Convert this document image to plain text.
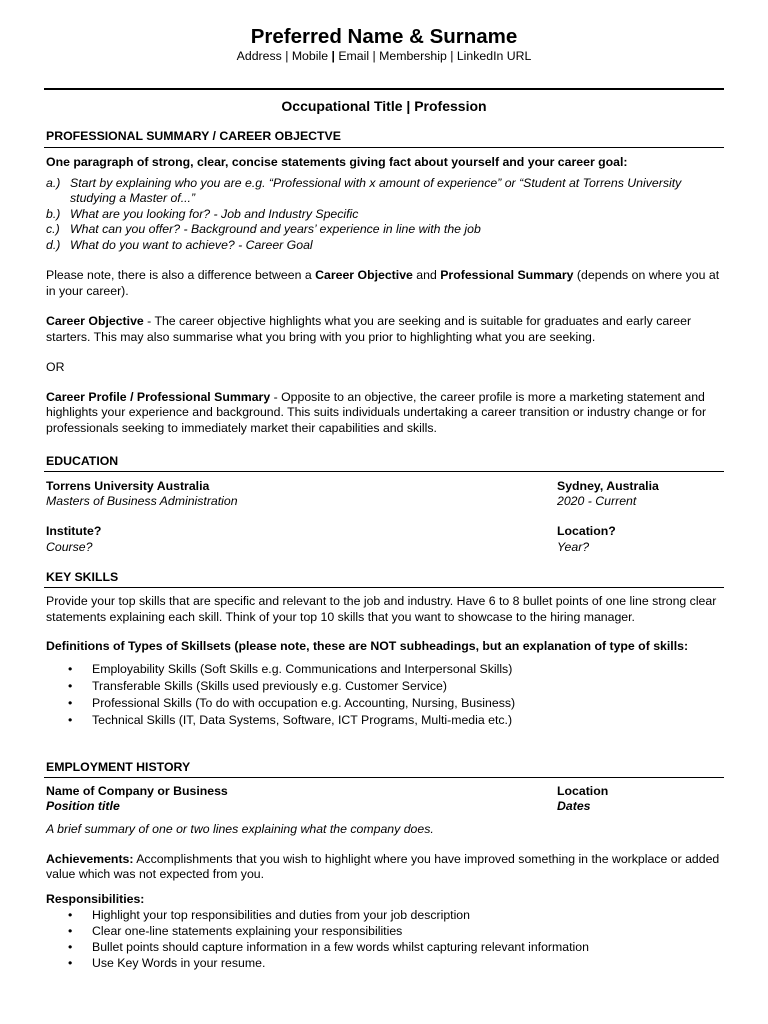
Preferred Name & Surname
Address | Mobile | Email | Membership | LinkedIn URL
Occupational Title | Profession
PROFESSIONAL SUMMARY / CAREER OBJECTVE

One paragraph of strong, clear, concise statements giving fact about yourself and your career goal:

a.) Start by explaining who you are e.g. “Professional with x amount of experience” or “Student at Torrens University studying a Master of...”
b.) What are you looking for? - Job and Industry Specific
c.) What can you offer? - Background and years’ experience in line with the job
d.) What do you want to achieve? - Career Goal

Please note, there is also a difference between a Career Objective and Professional Summary (depends on where you at in your career).

Career Objective - The career objective highlights what you are seeking and is suitable for graduates and early career starters. This may also summarise what you bring with you prior to highlighting what you are seeking.

OR

Career Profile / Professional Summary - Opposite to an objective, the career profile is more a marketing statement and highlights your experience and background. This suits individuals undertaking a career transition or industry change or for professionals seeking to immediately market their capabilities and skills.

EDUCATION
Torrens University Australia
Masters of Business Administration
Sydney, Australia
2020 - Current
Institute?
Course?
Location?
Year?
KEY SKILLS

Provide your top skills that are specific and relevant to the job and industry. Have 6 to 8 bullet points of one line strong clear statements explaining each skill. Think of your top 10 skills that you want to showcase to the hiring manager.

Definitions of Types of Skillsets (please note, these are NOT subheadings, but an explanation of type of skills:

• Employability Skills (Soft Skills e.g. Communications and Interpersonal Skills)
• Transferable Skills (Skills used previously e.g. Customer Service)
• Professional Skills (To do with occupation e.g. Accounting, Nursing, Business)
• Technical Skills (IT, Data Systems, Software, ICT Programs, Multi-media etc.)
EMPLOYMENT HISTORY
Name of Company or Business
Position title
Location
Dates

A brief summary of one or two lines explaining what the company does.

Achievements: Accomplishments that you wish to highlight where you have improved something in the workplace or added value which was not expected from you.

Responsibilities:

• Highlight your top responsibilities and duties from your job description
• Clear one-line statements explaining your responsibilities
• Bullet points should capture information in a few words whilst capturing relevant information
• Use Key Words in your resume.
